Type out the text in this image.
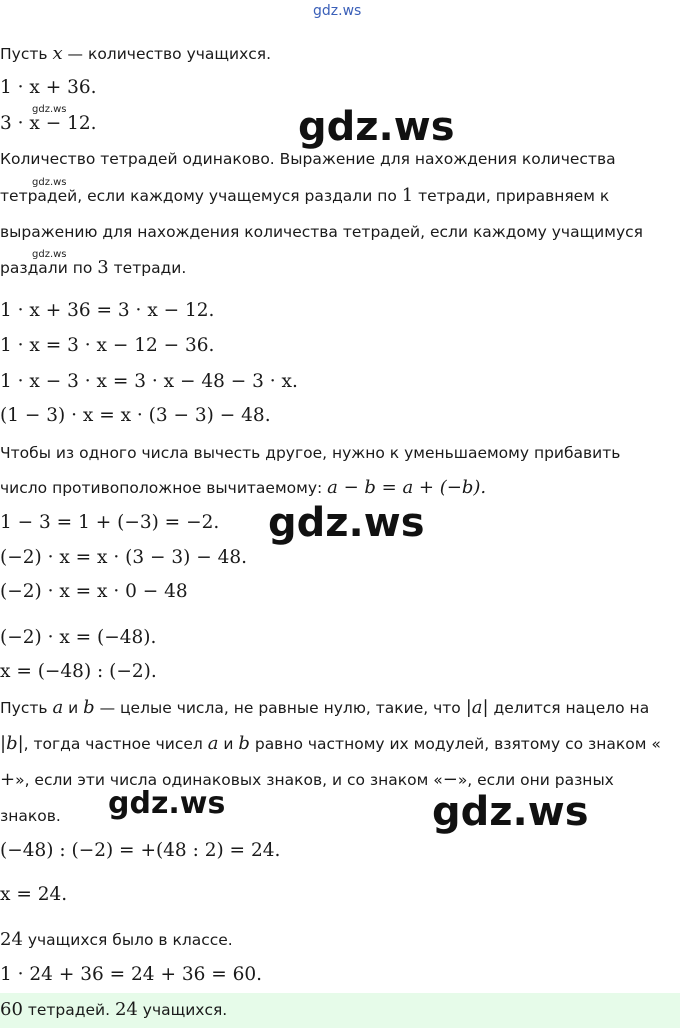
gdz.ws
Пусть x — количество учащихся.
1 · x + 36.
gdz.ws
3 · x − 12.	gdz.ws
Количество тетрадей одинаково. Выражение для нахождения количества
gdz.ws
тетрадей, если каждому учащемуся раздали по 1 тетради, приравняем к
выражению для нахождения количества тетрадей, если каждому учащимуся
gdz.ws
раздали по 3 тетради.
1 · x + 36 = 3 · x − 12.
1 · x = 3 · x − 12 − 36.
1 · x − 3 · x = 3 · x − 48 − 3 · x.
(1 − 3) · x = x · (3 − 3) − 48.
Чтобы из одного числа вычесть другое, нужно к уменьшаемому прибавить
число противоположное вычитаемому: a − b = a + (−b).
1 − 3 = 1 + (−3) = −2. gdz.ws
(−2) · x = x · (3 − 3) − 48.
(−2) · x = x · 0 − 48
(−2) · x = (−48).
x = (−48) : (−2).
Пусть a и b — целые числа, не равные нулю, такие, что |a| делится нацело на
|b|, тогда частное чисел a и b равно частному их модулей, взятому со знаком «
+», если эти числа одинаковых знаков, и со знаком «−», если они разных
знаков. gdz.ws	gdz.ws
(−48) : (−2) = +(48 : 2) = 24.
x = 24.
24 учащихся было в классе.
1 · 24 + 36 = 24 + 36 = 60.
60 тетрадей. 24 учащихся.
